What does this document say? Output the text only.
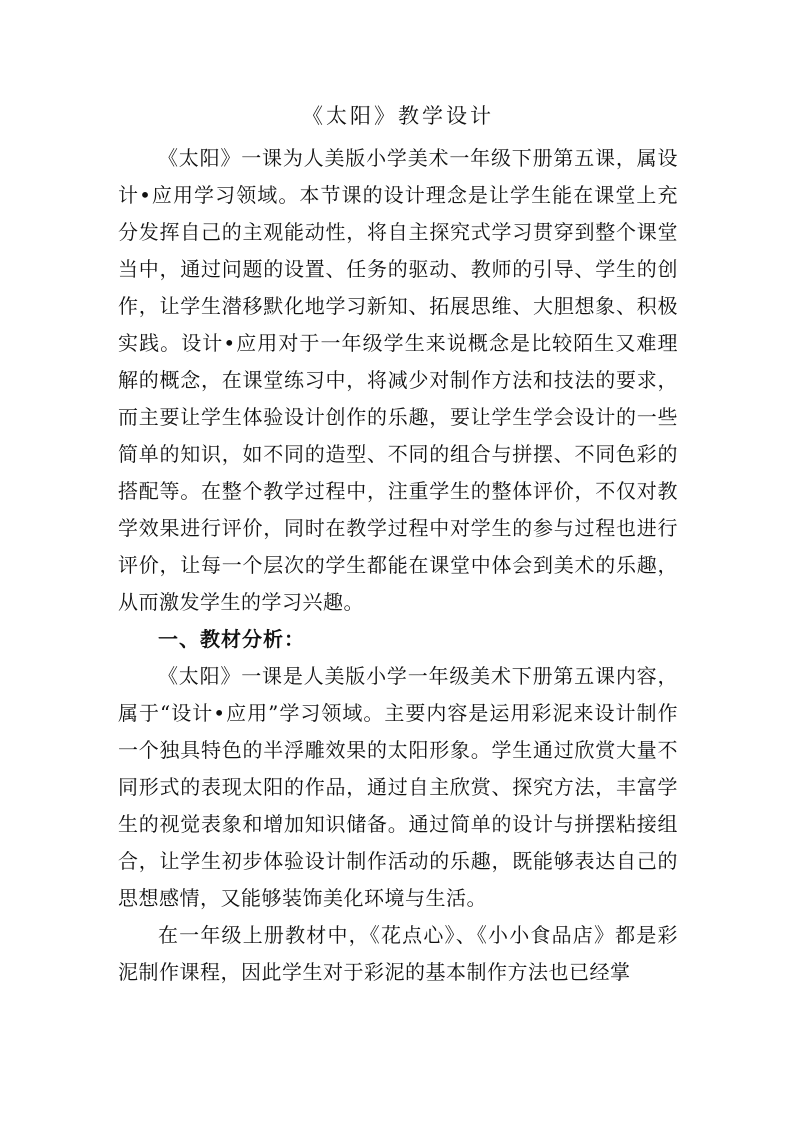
《太阳》教学设计

《太阳》一课为人美版小学美术一年级下册第五课，属设计•应用学习领域。本节课的设计理念是让学生能在课堂上充分发挥自己的主观能动性，将自主探究式学习贯穿到整个课堂当中，通过问题的设置、任务的驱动、教师的引导、学生的创作，让学生潜移默化地学习新知、拓展思维、大胆想象、积极实践。设计•应用对于一年级学生来说概念是比较陌生又难理解的概念，在课堂练习中，将减少对制作方法和技法的要求，而主要让学生体验设计创作的乐趣，要让学生学会设计的一些简单的知识，如不同的造型、不同的组合与拼摆、不同色彩的搭配等。在整个教学过程中，注重学生的整体评价，不仅对教学效果进行评价，同时在教学过程中对学生的参与过程也进行评价，让每一个层次的学生都能在课堂中体会到美术的乐趣，从而激发学生的学习兴趣。

一、教材分析：

《太阳》一课是人美版小学一年级美术下册第五课内容，属于“设计•应用”学习领域。主要内容是运用彩泥来设计制作一个独具特色的半浮雕效果的太阳形象。学生通过欣赏大量不同形式的表现太阳的作品，通过自主欣赏、探究方法，丰富学生的视觉表象和增加知识储备。通过简单的设计与拼摆粘接组合，让学生初步体验设计制作活动的乐趣，既能够表达自己的思想感情，又能够装饰美化环境与生活。

在一年级上册教材中，《花点心》、《小小食品店》都是彩泥制作课程，因此学生对于彩泥的基本制作方法也已经掌
